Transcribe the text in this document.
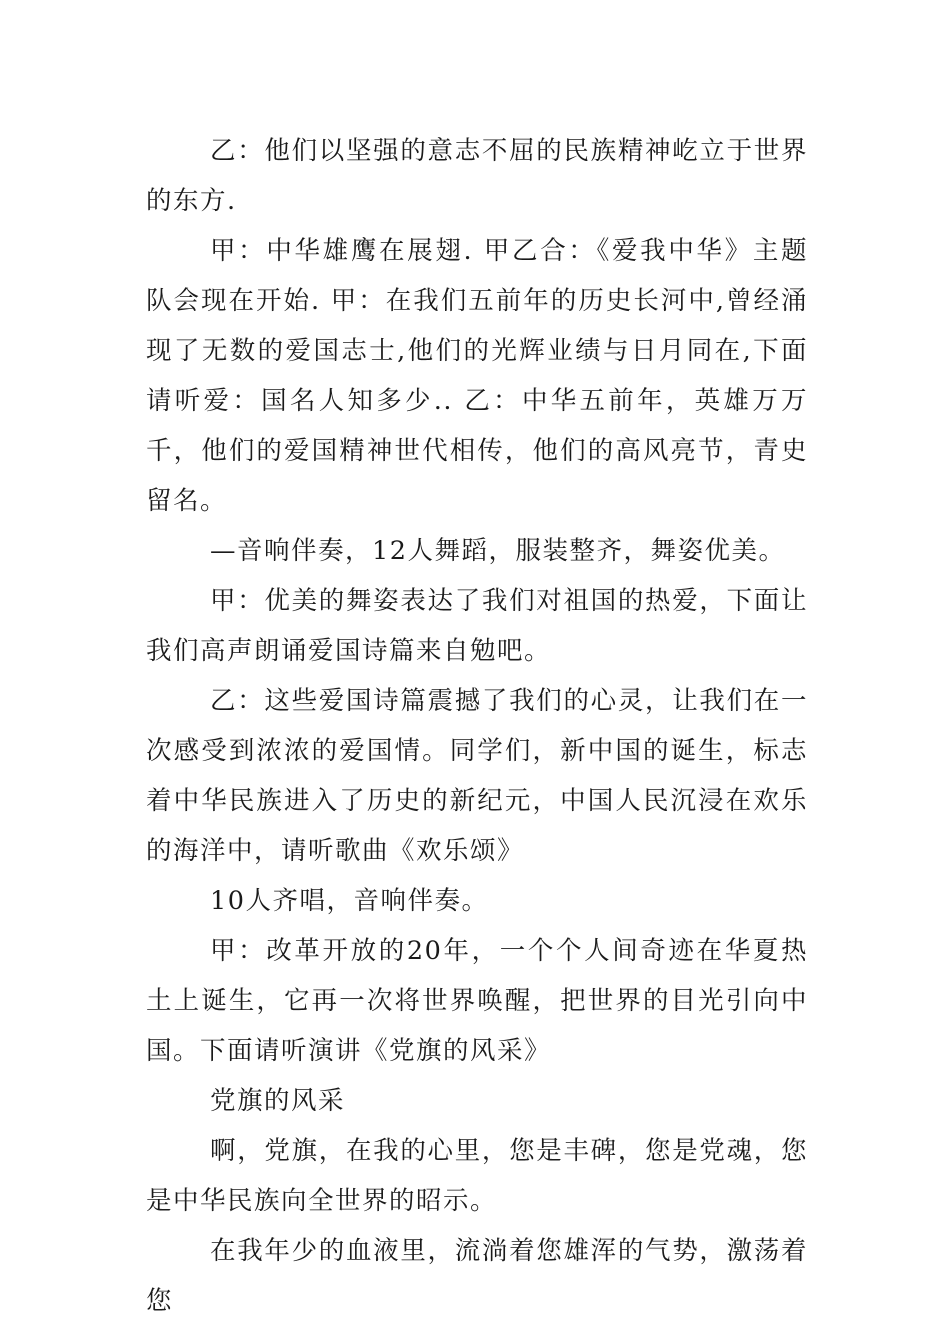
乙：他们以坚强的意志不屈的民族精神屹立于世界的东方.

甲：中华雄鹰在展翅. 甲乙合：《爱我中华》主题队会现在开始. 甲：在我们五前年的历史长河中,曾经涌现了无数的爱国志士,他们的光辉业绩与日月同在,下面请听爱：国名人知多少.. 乙：中华五前年，英雄万万千，他们的爱国精神世代相传，他们的高风亮节，青史留名。

—音响伴奏，12人舞蹈，服装整齐，舞姿优美。

甲：优美的舞姿表达了我们对祖国的热爱，下面让我们高声朗诵爱国诗篇来自勉吧。

乙：这些爱国诗篇震撼了我们的心灵，让我们在一次感受到浓浓的爱国情。同学们，新中国的诞生，标志着中华民族进入了历史的新纪元，中国人民沉浸在欢乐的海洋中，请听歌曲《欢乐颂》

10人齐唱，音响伴奏。

甲：改革开放的20年，一个个人间奇迹在华夏热土上诞生，它再一次将世界唤醒，把世界的目光引向中国。下面请听演讲《党旗的风采》

党旗的风采

啊，党旗，在我的心里，您是丰碑，您是党魂，您是中华民族向全世界的昭示。

在我年少的血液里，流淌着您雄浑的气势，激荡着您
